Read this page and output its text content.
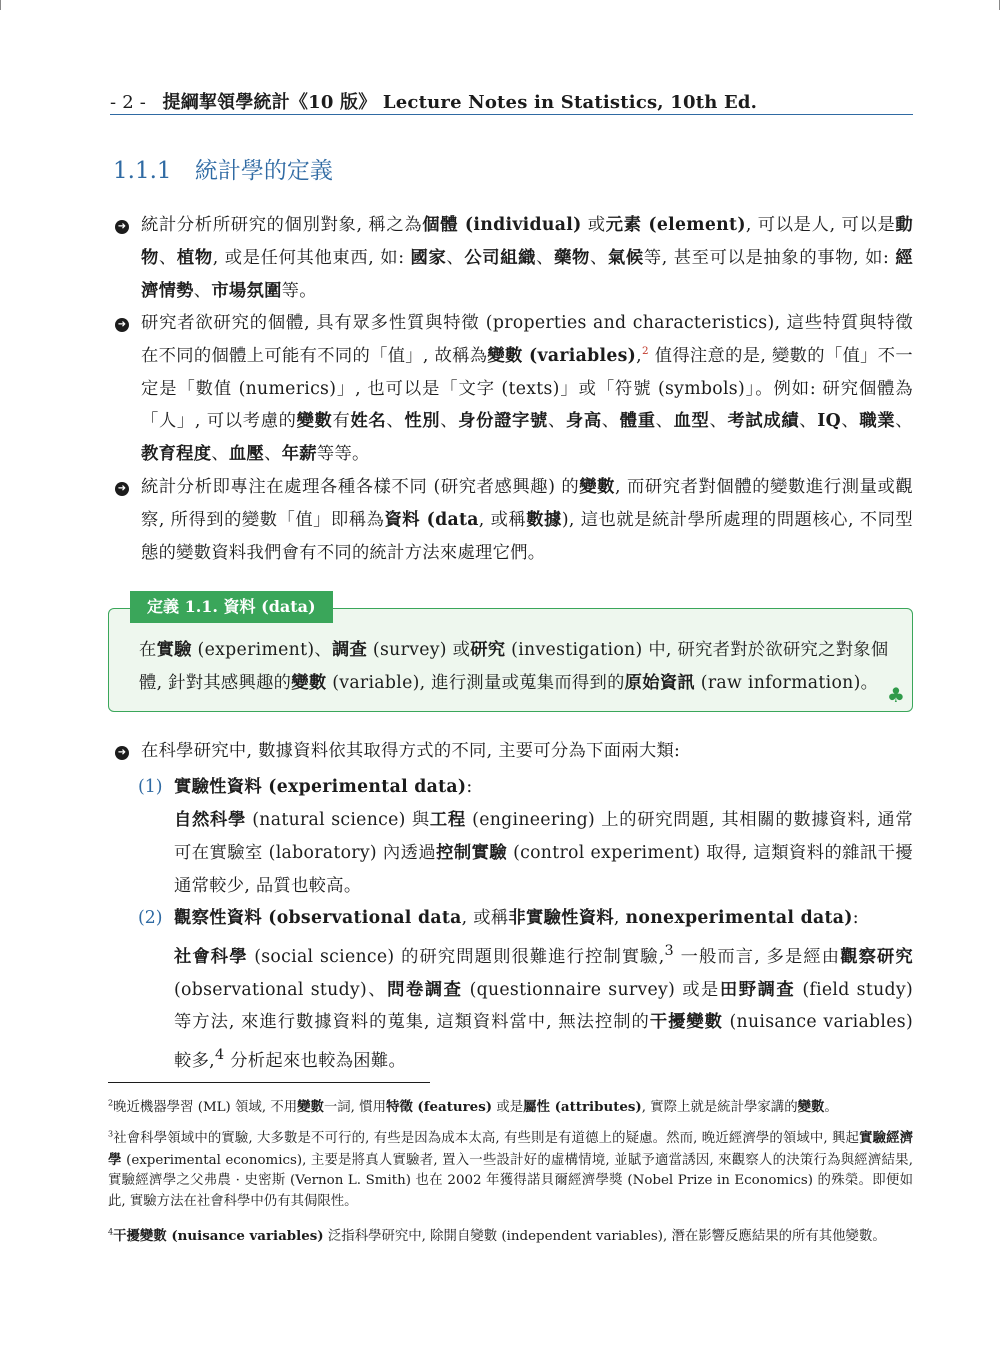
- 2 - 提綱挈領學統計《10 版》 Lecture Notes in Statistics, 10th Ed.
1.1.1 統計學的定義
➜ 統計分析所研究的個別對象, 稱之為個體 (individual) 或元素 (element), 可以是人, 可以是動物、植物, 或是任何其他東西, 如: 國家、公司組織、藥物、氣候等, 甚至可以是抽象的事物, 如: 經濟情勢、市場氛圍等。

➜ 研究者欲研究的個體, 具有眾多性質與特徵 (properties and characteristics), 這些特質與特徵在不同的個體上可能有不同的「值」, 故稱為變數 (variables),$^2$ 值得注意的是, 變數的「值」不一定是「數值 (numerics)」, 也可以是「文字 (texts)」或「符號 (symbols)」。例如: 研究個體為「人」, 可以考慮的變數有姓名、性別、身份證字號、身高、體重、血型、考試成績、IQ、職業、教育程度、血壓、年薪等等。

➜ 統計分析即專注在處理各種各樣不同 (研究者感興趣) 的變數, 而研究者對個體的變數進行測量或觀察, 所得到的變數「值」即稱為資料 (data, 或稱數據), 這也就是統計學所處理的問題核心, 不同型態的變數資料我們會有不同的統計方法來處理它們。

定義 1.1. 資料 (data)

在實驗 (experiment)、調查 (survey) 或研究 (investigation) 中, 研究者對於欲研究之對象個體, 針對其感興趣的變數 (variable), 進行測量或蒐集而得到的原始資訊 (raw information)。 ♣
➜ 在科學研究中, 數據資料依其取得方式的不同, 主要可分為下面兩大類:

(1) 實驗性資料 (experimental data):

自然科學 (natural science) 與工程 (engineering) 上的研究問題, 其相關的數據資料, 通常可在實驗室 (laboratory) 內透過控制實驗 (control experiment) 取得, 這類資料的雜訊干擾通常較少, 品質也較高。

(2) 觀察性資料 (observational data, 或稱非實驗性資料, nonexperimental data):

社會科學 (social science) 的研究問題則很難進行控制實驗,$^3$ 一般而言, 多是經由觀察研究 (observational study)、問卷調查 (questionnaire survey) 或是田野調查 (field study) 等方法, 來進行數據資料的蒐集, 這類資料當中, 無法控制的干擾變數 (nuisance variables) 較多,$^4$ 分析起來也較為困難。

$^2$晚近機器學習 (ML) 領域, 不用變數一詞, 慣用特徵 (features) 或是屬性 (attributes), 實際上就是統計學家講的變數。

$^3$社會科學領域中的實驗, 大多數是不可行的, 有些是因為成本太高, 有些則是有道德上的疑慮。然而, 晚近經濟學的領域中, 興起實驗經濟學 (experimental economics), 主要是將真人實驗者, 置入一些設計好的虛構情境, 並賦予適當誘因, 來觀察人的決策行為與經濟結果, 實驗經濟學之父弗農 · 史密斯 (Vernon L. Smith) 也在 2002 年獲得諾貝爾經濟學獎 (Nobel Prize in Economics) 的殊榮。即便如此, 實驗方法在社會科學中仍有其侷限性。

$^4$干擾變數 (nuisance variables) 泛指科學研究中, 除開自變數 (independent variables), 潛在影響反應結果的所有其他變數。
